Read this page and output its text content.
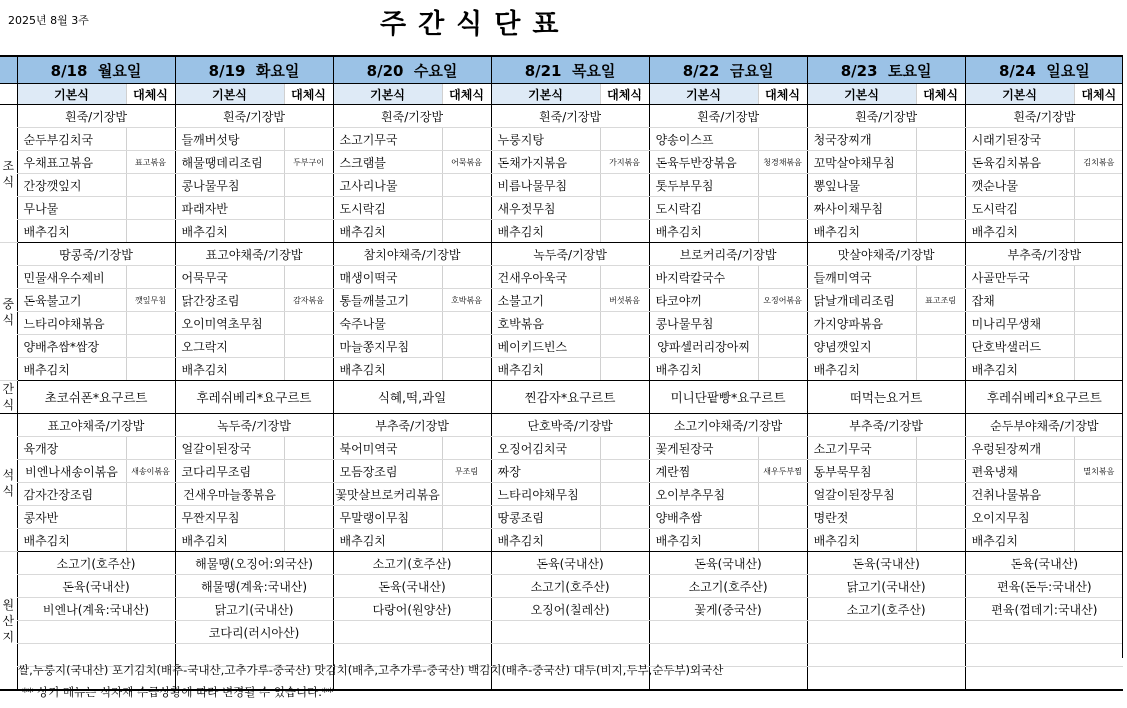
2025년 8월 3주	주간식단표
	8/18 월요일		8/19 화요일		8/20 수요일		8/21 목요일		8/22 금요일		8/23 토요일		8/24 일요일	
	기본식	대체식	기본식	대체식	기본식	대체식	기본식	대체식	기본식	대체식	기본식	대체식	기본식	대체식

조
식	흰죽/기장밥		흰죽/기장밥		흰죽/기장밥		흰죽/기장밥		흰죽/기장밥		흰죽/기장밥		흰죽/기장밥	
	순두부김치국		들깨버섯탕		소고기무국		누룽지탕		양송이스프		청국장찌개		시래기된장국	
	우채표고볶음	표고볶음	해물땡데리조림	두부구이	스크램블	어묵볶음	돈채가지볶음	가지볶음	돈육두반장볶음	청경채볶음	꼬막살야채무침		돈육김치볶음	김치볶음
	간장깻잎지		콩나물무침		고사리나물		비름나물무침		톳두부무침		뽕잎나물		깻순나물	
	무나물		파래자반		도시락김		새우젓무침		도시락김		짜사이채무침		도시락김	
	배추김치		배추김치		배추김치		배추김치		배추김치		배추김치		배추김치	

중
식	땅콩죽/기장밥		표고야채죽/기장밥		참치야채죽/기장밥		녹두죽/기장밥		브로커리죽/기장밥		맛살야채죽/기장밥		부추죽/기장밥	
	민물새우수제비		어묵무국		매생이떡국		건새우아욱국		바지락칼국수		들깨미역국		사골만두국	
	돈육불고기	깻잎무침	닭간장조림	감자볶음	통들깨불고기	호박볶음	소불고기	버섯볶음	타코야끼	오징어볶음	닭날개데리조림	표고조림	잡채	
	느타리야채볶음		오이미역초무침		숙주나물		호박볶음		콩나물무침		가지양파볶음		미나리무생채	
	양배추쌈*쌈장		오그락지		마늘쫑지무침		베이키드빈스		양파셀러리장아찌		양념깻잎지		단호박샐러드	
	배추김치		배추김치		배추김치		배추김치		배추김치		배추김치		배추김치	

간
식	초코쉬폰*요구르트		후레쉬베리*요구르트		식혜,떡,과일		찐감자*요구르트		미니단팥빵*요구르트		떠먹는요거트		후레쉬베리*요구르트	

석
식	표고야채죽/기장밥		녹두죽/기장밥		부추죽/기장밥		단호박죽/기장밥		소고기야채죽/기장밥		부추죽/기장밥		순두부야채죽/기장밥	
	육개장		얼갈이된장국		북어미역국		오징어김치국		꽃게된장국		소고기무국		우렁된장찌개	
	비엔나새송이볶음	새송이볶음	코다리무조림		모듬장조림	무조림	짜장		계란찜	새우두부찜	동부묵무침		편육냉채	멸치볶음
	감자간장조림		건새우마늘쫑볶음		꽃맛살브로커리볶음		느타리야채무침		오이부추무침		얼갈이된장무침		건취나물볶음	
	콩자반		무짠지무침		무말랭이무침		땅콩조림		양배추쌈		명란젓		오이지무침	
	배추김치		배추김치		배추김치		배추김치		배추김치		배추김치		배추김치	

원
산
지	소고기(호주산)		해물땡(오징어:외국산)		소고기(호주산)		돈육(국내산)		돈육(국내산)		돈육(국내산)		돈육(국내산)	
	돈육(국내산)		해물땡(계육:국내산)		돈육(국내산)		소고기(호주산)		소고기(호주산)		닭고기(국내산)		편육(돈두:국내산)	
	비엔나(계육:국내산)		닭고기(국내산)		다랑어(원양산)		오징어(칠레산)		꽃게(중국산)		소고기(호주산)		편육(껍데기:국내산)	
			코다리(러시아산)											

쌀,누룽지(국내산) 포기김치(배추-국내산,고추가루-중국산) 맛김치(배추,고추가루-중국산) 백김치(배추-중국산) 대두(비지,두부,순두부)외국산
** 상기 메뉴는 식자재 수급상황에 따라 변경될 수 있습니다.**
